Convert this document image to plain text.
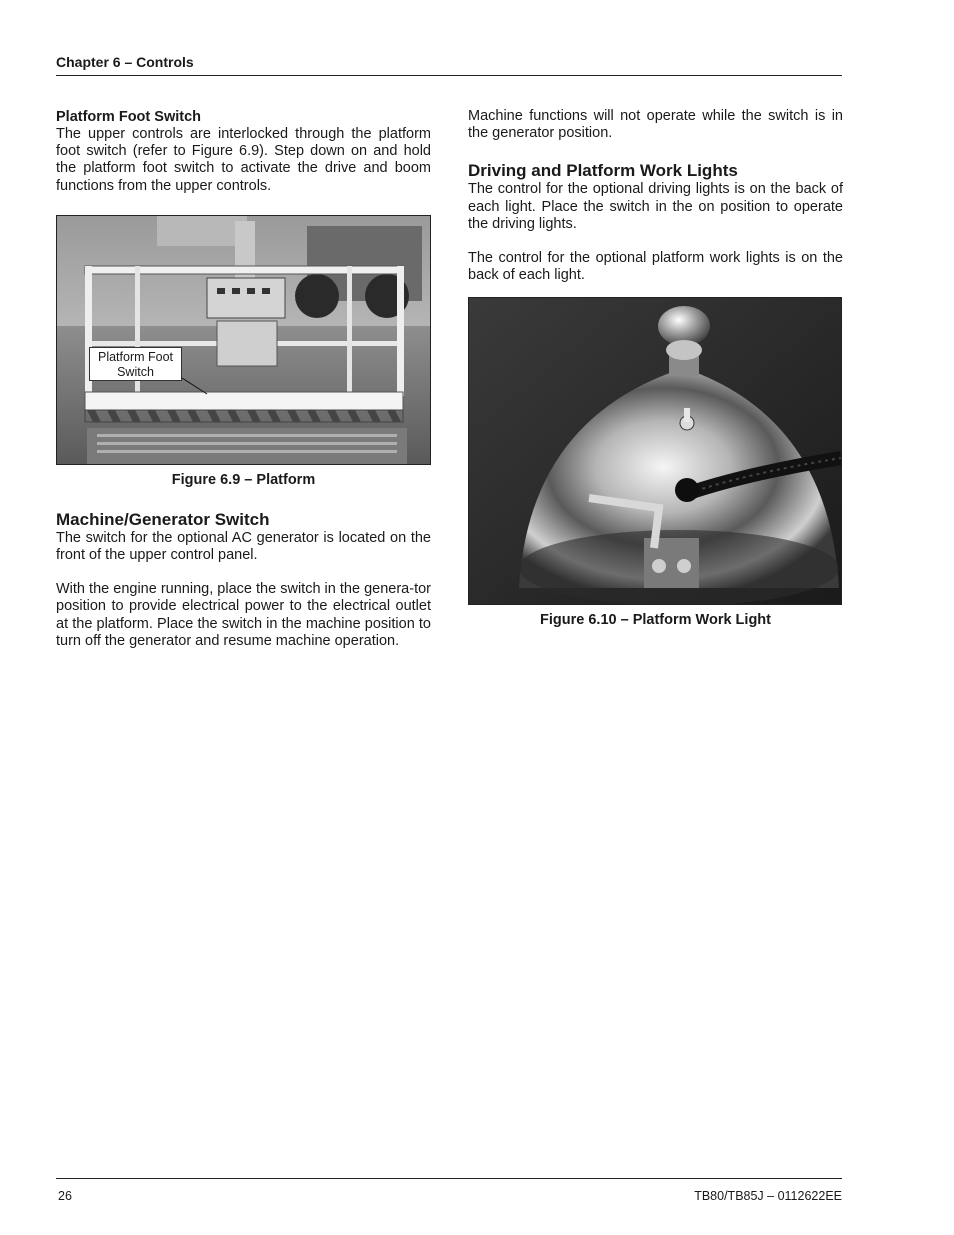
Chapter 6 – Controls
Platform Foot Switch

The upper controls are interlocked through the platform foot switch (refer to Figure 6.9). Step down on and hold the platform foot switch to activate the drive and boom functions from the upper controls.

Platform Foot Switch
Figure 6.9 – Platform
Machine/Generator Switch

The switch for the optional AC generator is located on the front of the upper control panel.

With the engine running, place the switch in the genera-tor position to provide electrical power to the electrical outlet at the platform. Place the switch in the machine position to turn off the generator and resume machine operation.

Machine functions will not operate while the switch is in the generator position.

Driving and Platform Work Lights

The control for the optional driving lights is on the back of each light. Place the switch in the on position to operate the driving lights.

The control for the optional platform work lights is on the back of each light.

Figure 6.10 – Platform Work Light
26	TB80/TB85J – 0112622EE
